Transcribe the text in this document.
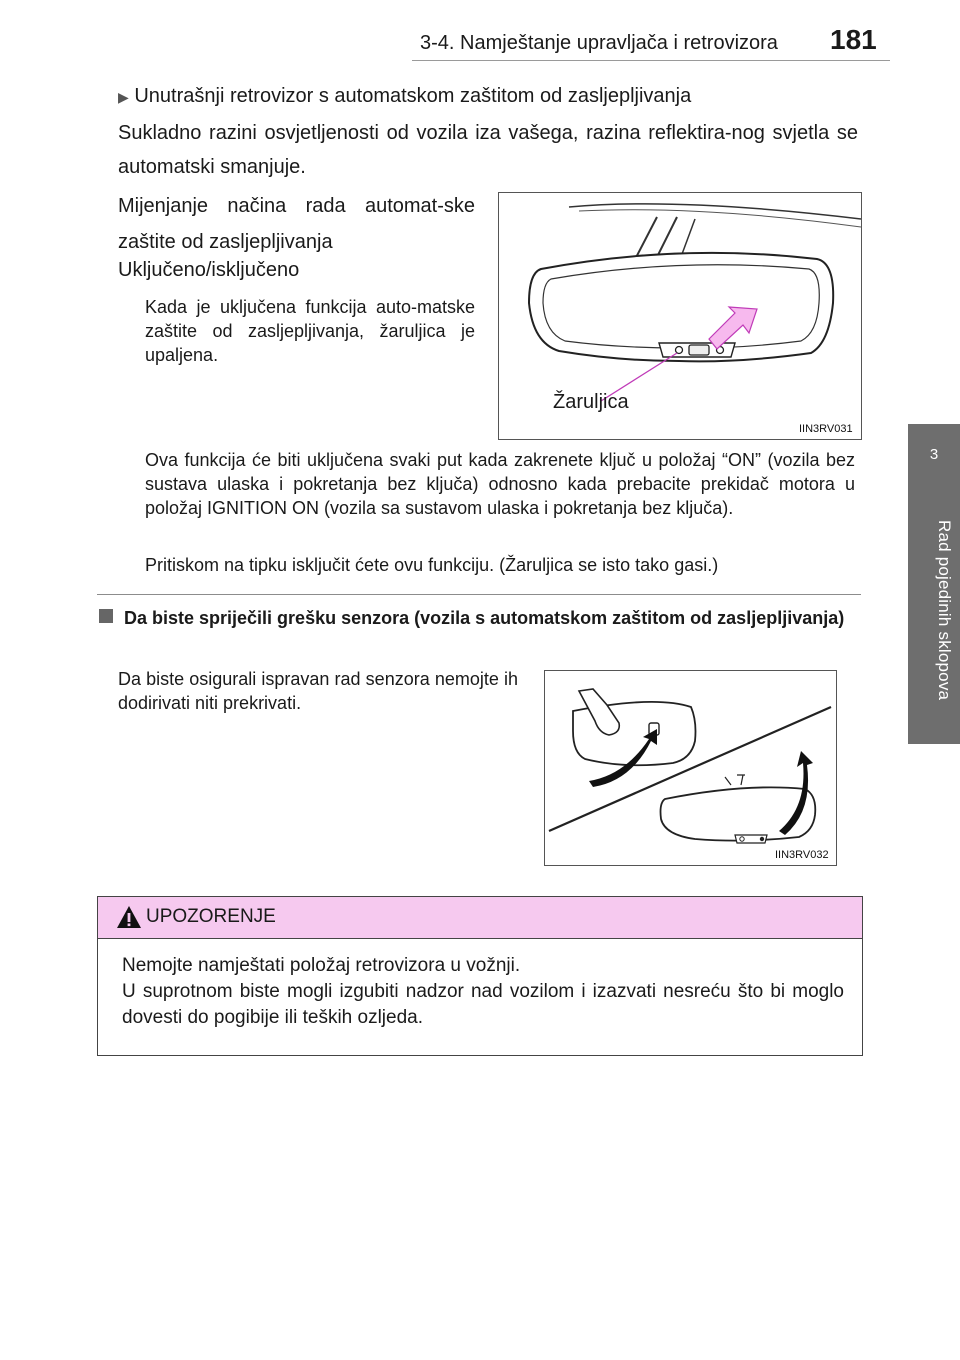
3-4. Namještanje upravljača i retrovizora	181
3
Rad pojedinih sklopova
▶ Unutrašnji retrovizor s automatskom zaštitom od zasljepljivanja
Sukladno razini osvjetljenosti od vozila iza vašega, razina reflektira-nog svjetla se automatski smanjuje.
Mijenjanje načina rada automat-ske zaštite od zasljepljivanja
Uključeno/isključeno
Kada je uključena funkcija auto-matske zaštite od zasljepljivanja, žaruljica je upaljena.
Žaruljica
IIN3RV031
Ova funkcija će biti uključena svaki put kada zakrenete ključ u položaj “ON” (vozila bez sustava ulaska i pokretanja bez ključa) odnosno kada prebacite prekidač motora u položaj IGNITION ON (vozila sa sustavom ulaska i pokretanja bez ključa).
Pritiskom na tipku isključit ćete ovu funkciju. (Žaruljica se isto tako gasi.)
Da biste spriječili grešku senzora (vozila s automatskom zaštitom od zasljepljivanja)
Da biste osigurali ispravan rad senzora nemojte ih dodirivati niti prekrivati.
IIN3RV032
UPOZORENJE
Nemojte namještati položaj retrovizora u vožnji.
U suprotnom biste mogli izgubiti nadzor nad vozilom i izazvati nesreću što bi moglo dovesti do pogibije ili teških ozljeda.
